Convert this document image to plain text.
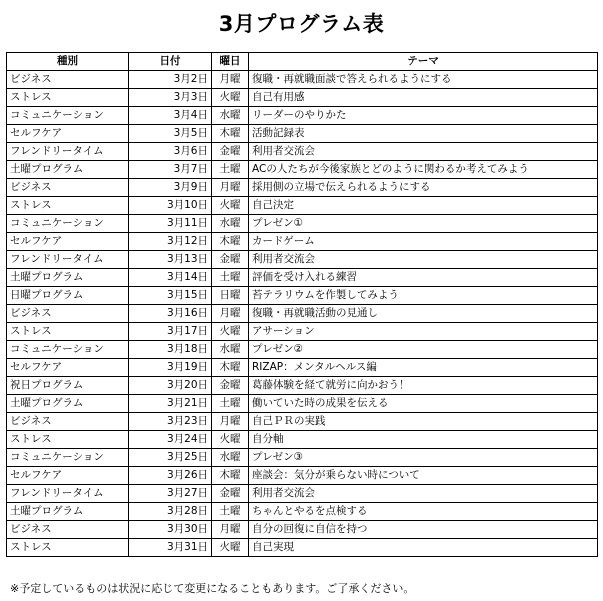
3月プログラム表
種別	日付	曜日	テーマ
ビジネス	3月2日	月曜	復職・再就職面談で答えられるようにする
ストレス	3月3日	火曜	自己有用感
コミュニケーション	3月4日	水曜	リーダーのやりかた
セルフケア	3月5日	木曜	活動記録表
フレンドリータイム	3月6日	金曜	利用者交流会
土曜プログラム	3月7日	土曜	ACの人たちが今後家族とどのように関わるか考えてみよう
ビジネス	3月9日	月曜	採用側の立場で伝えられるようにする
ストレス	3月10日	火曜	自己決定
コミュニケーション	3月11日	水曜	プレゼン①
セルフケア	3月12日	木曜	カードゲーム
フレンドリータイム	3月13日	金曜	利用者交流会
土曜プログラム	3月14日	土曜	評価を受け入れる練習
日曜プログラム	3月15日	日曜	苔テラリウムを作製してみよう
ビジネス	3月16日	月曜	復職・再就職活動の見通し
ストレス	3月17日	火曜	アサーション
コミュニケーション	3月18日	水曜	プレゼン②
セルフケア	3月19日	木曜	RIZAP：メンタルヘルス編
祝日プログラム	3月20日	金曜	葛藤体験を経て就労に向かおう！
土曜プログラム	3月21日	土曜	働いていた時の成果を伝える
ビジネス	3月23日	月曜	自己ＰＲの実践
ストレス	3月24日	火曜	自分軸
コミュニケーション	3月25日	水曜	プレゼン③
セルフケア	3月26日	木曜	座談会：気分が乗らない時について
フレンドリータイム	3月27日	金曜	利用者交流会
土曜プログラム	3月28日	土曜	ちゃんとやるを点検する
ビジネス	3月30日	月曜	自分の回復に自信を持つ
ストレス	3月31日	火曜	自己実現
※予定しているものは状況に応じて変更になることもあります。ご了承ください。
